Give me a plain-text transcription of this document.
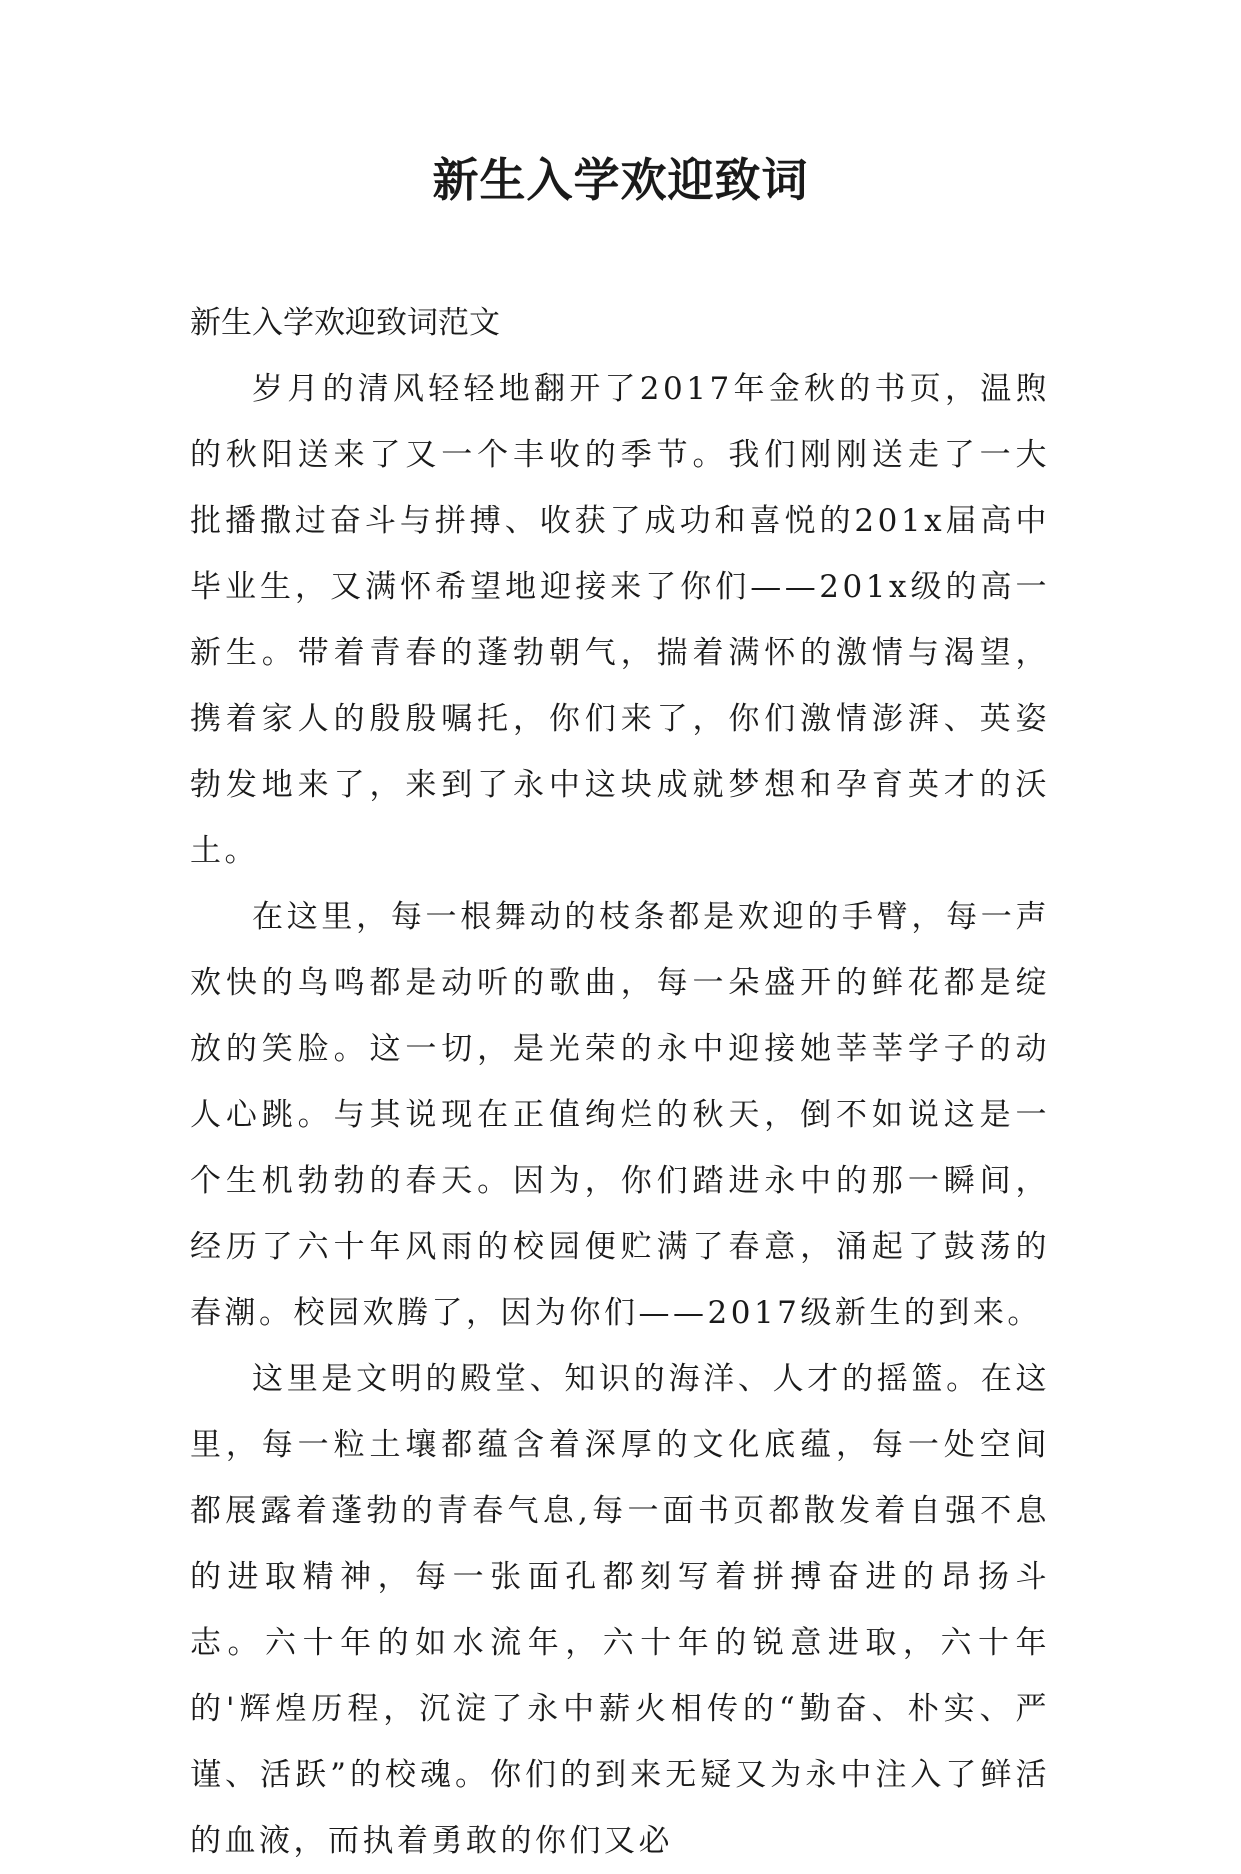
新生入学欢迎致词

新生入学欢迎致词范文

岁月的清风轻轻地翻开了2017年金秋的书页，温煦的秋阳送来了又一个丰收的季节。我们刚刚送走了一大批播撒过奋斗与拼搏、收获了成功和喜悦的201x届高中毕业生，又满怀希望地迎接来了你们——201x级的高一新生。带着青春的蓬勃朝气，揣着满怀的激情与渴望，携着家人的殷殷嘱托，你们来了，你们激情澎湃、英姿勃发地来了，来到了永中这块成就梦想和孕育英才的沃土。

在这里，每一根舞动的枝条都是欢迎的手臂，每一声欢快的鸟鸣都是动听的歌曲，每一朵盛开的鲜花都是绽放的笑脸。这一切，是光荣的永中迎接她莘莘学子的动人心跳。与其说现在正值绚烂的秋天，倒不如说这是一个生机勃勃的春天。因为，你们踏进永中的那一瞬间，经历了六十年风雨的校园便贮满了春意，涌起了鼓荡的春潮。校园欢腾了，因为你们——2017级新生的到来。

这里是文明的殿堂、知识的海洋、人才的摇篮。在这里，每一粒土壤都蕴含着深厚的文化底蕴，每一处空间都展露着蓬勃的青春气息,每一面书页都散发着自强不息的进取精神，每一张面孔都刻写着拼搏奋进的昂扬斗志。六十年的如水流年，六十年的锐意进取，六十年的'辉煌历程，沉淀了永中薪火相传的“勤奋、朴实、严谨、活跃”的校魂。你们的到来无疑又为永中注入了鲜活的血液，而执着勇敢的你们又必
